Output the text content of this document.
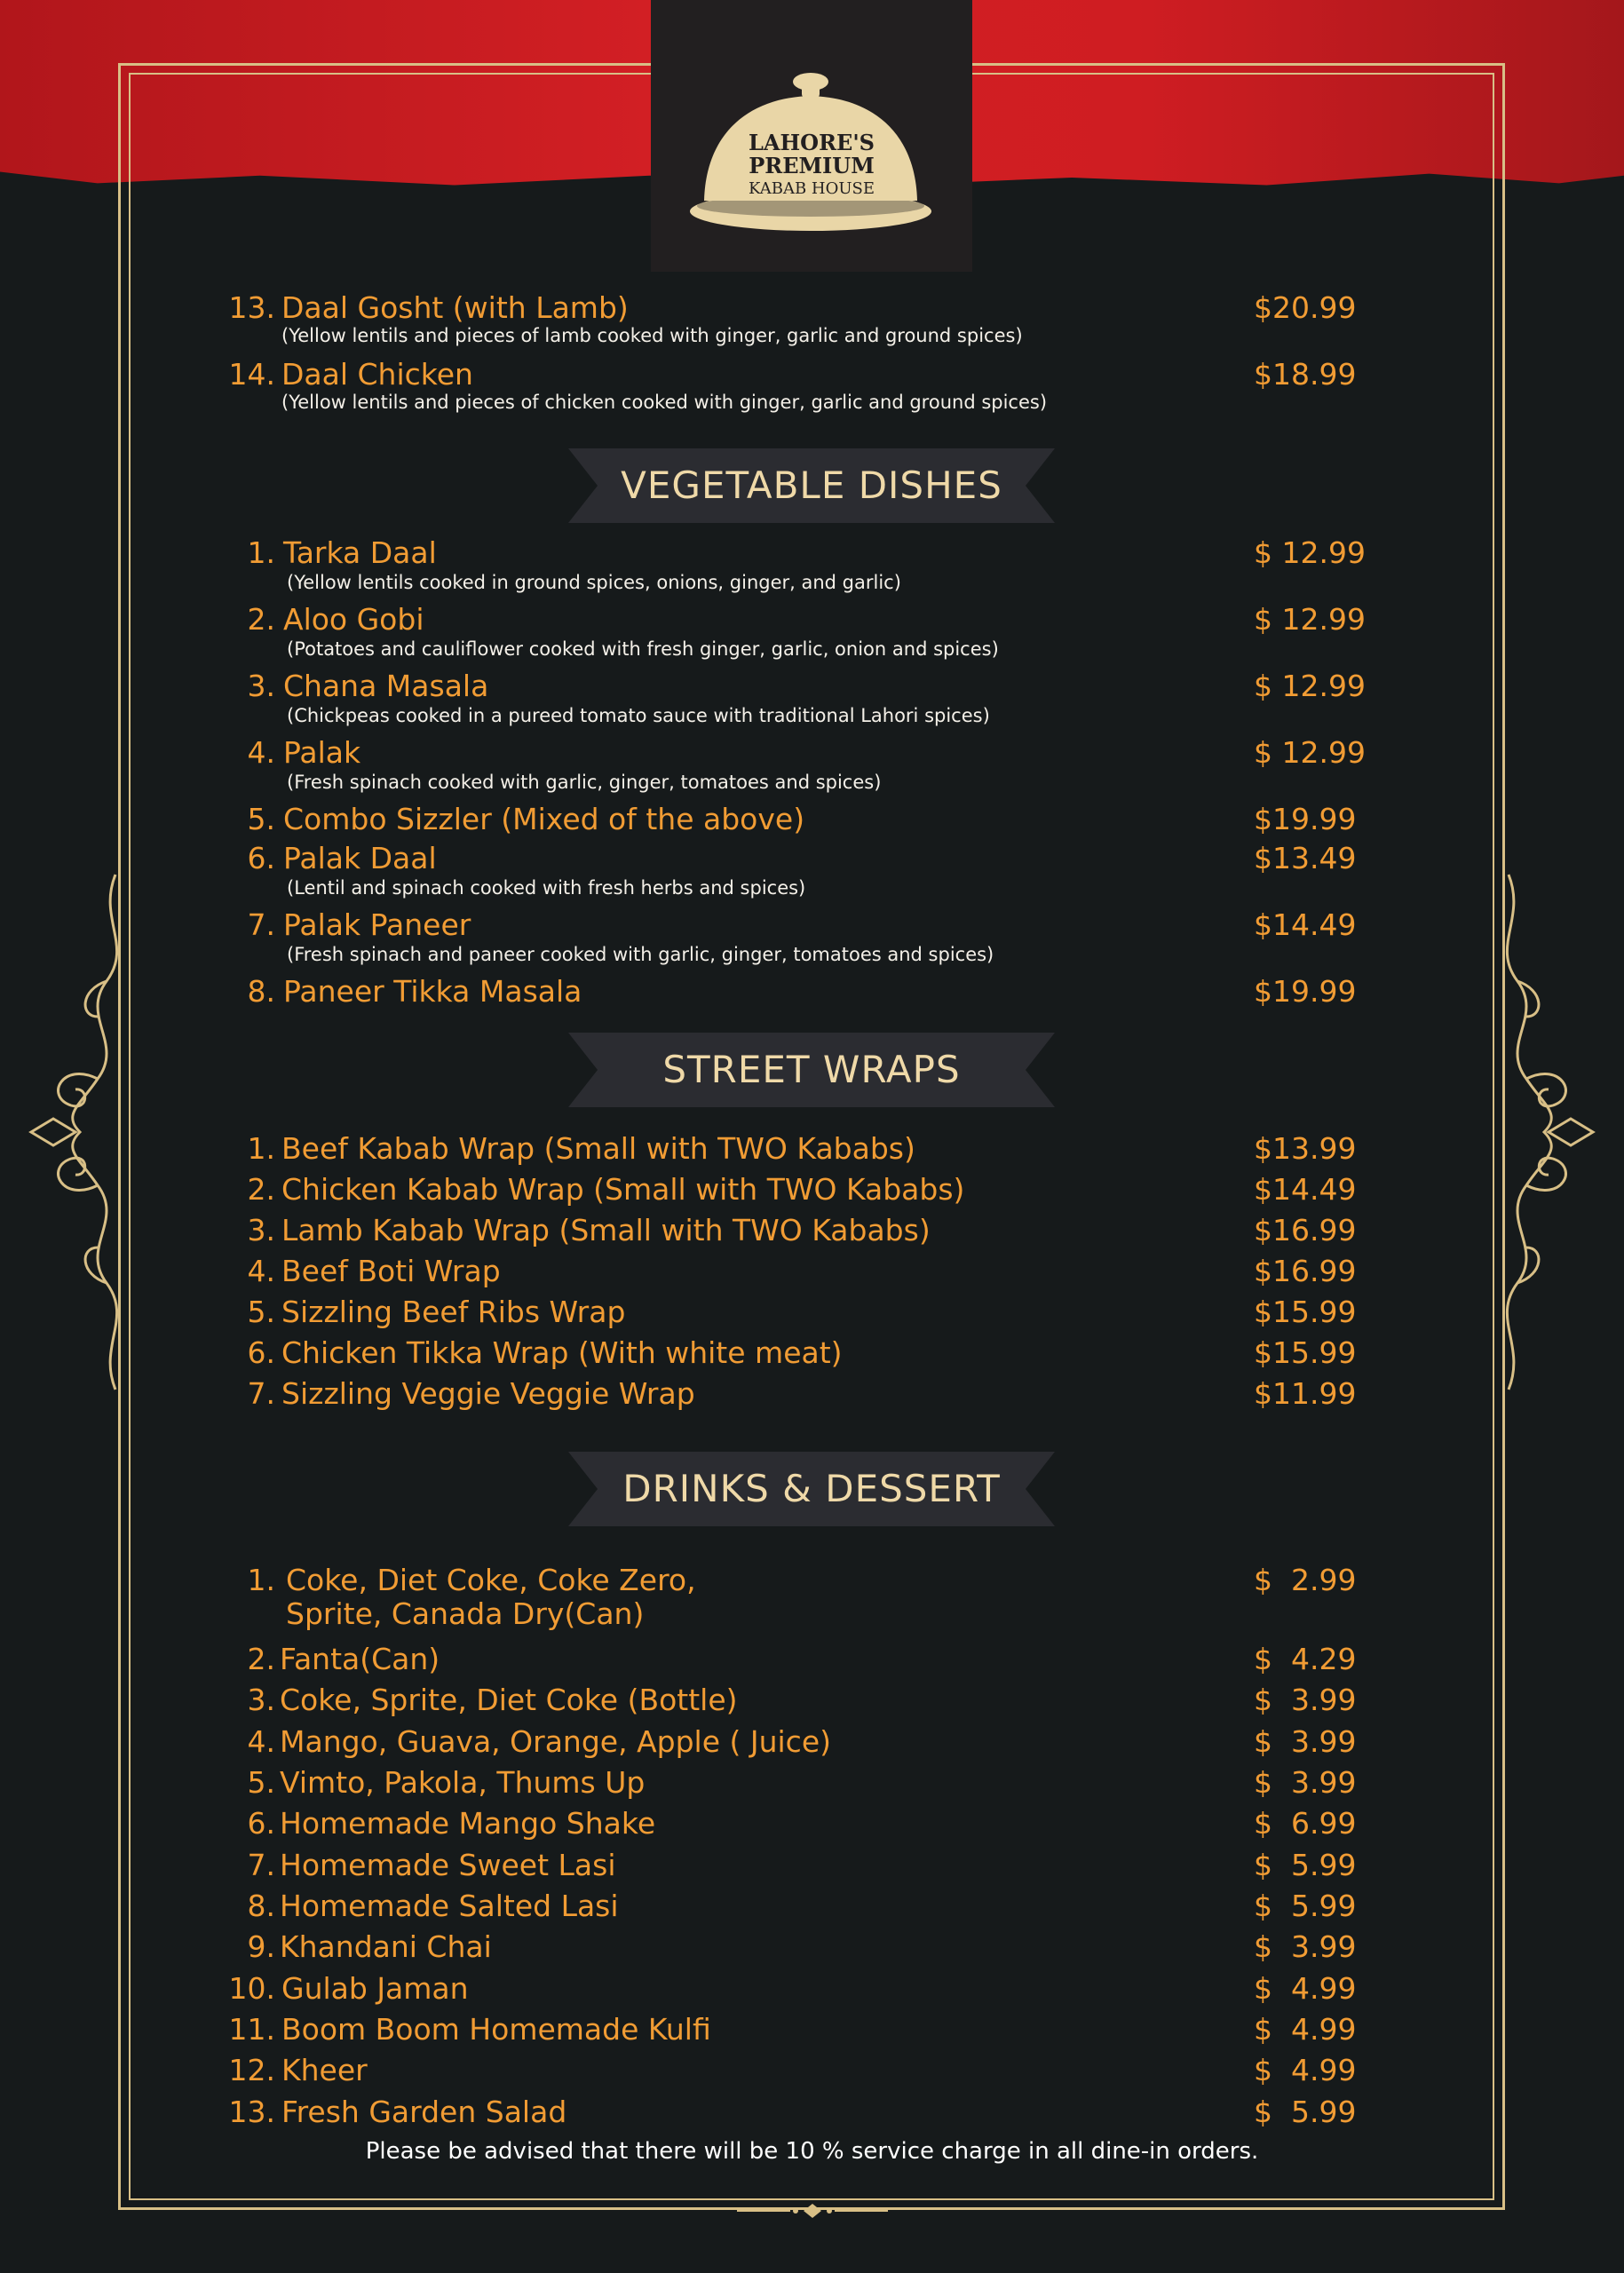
LAHORE'S
PREMIUM
KABAB HOUSE
13. Daal Gosht (with Lamb)	$20.99
(Yellow lentils and pieces of lamb cooked with ginger, garlic and ground spices)
14. Daal Chicken	$18.99
(Yellow lentils and pieces of chicken cooked with ginger, garlic and ground spices)
VEGETABLE DISHES
1. Tarka Daal	$ 12.99
(Yellow lentils cooked in ground spices, onions, ginger, and garlic)
2. Aloo Gobi	$ 12.99
(Potatoes and cauliflower cooked with fresh ginger, garlic, onion and spices)
3. Chana Masala	$ 12.99
(Chickpeas cooked in a pureed tomato sauce with traditional Lahori spices)
4. Palak	$ 12.99
(Fresh spinach cooked with garlic, ginger, tomatoes and spices)
5. Combo Sizzler (Mixed of the above)	$19.99
6. Palak Daal	$13.49
(Lentil and spinach cooked with fresh herbs and spices)
7. Palak Paneer	$14.49
(Fresh spinach and paneer cooked with garlic, ginger, tomatoes and spices)
8. Paneer Tikka Masala	$19.99
STREET WRAPS
1. Beef Kabab Wrap (Small with TWO Kababs)	$13.99
2. Chicken Kabab Wrap (Small with TWO Kababs)	$14.49
3. Lamb Kabab Wrap (Small with TWO Kababs)	$16.99
4. Beef Boti Wrap	$16.99
5. Sizzling Beef Ribs Wrap	$15.99
6. Chicken Tikka Wrap (With white meat)	$15.99
7. Sizzling Veggie Veggie Wrap	$11.99
DRINKS & DESSERT
1. Coke, Diet Coke, Coke Zero,
Sprite, Canada Dry(Can)
$  2.99
2. Fanta(Can)	$  4.29
3. Coke, Sprite, Diet Coke (Bottle)	$  3.99
4. Mango, Guava, Orange, Apple ( Juice)	$  3.99
5. Vimto, Pakola, Thums Up	$  3.99
6. Homemade Mango Shake	$  6.99
7. Homemade Sweet Lasi	$  5.99
8. Homemade Salted Lasi	$  5.99
9. Khandani Chai	$  3.99
10. Gulab Jaman	$  4.99
11. Boom Boom Homemade Kulfi	$  4.99
12. Kheer	$  4.99
13. Fresh Garden Salad	$  5.99
Please be advised that there will be 10 % service charge in all dine-in orders.
